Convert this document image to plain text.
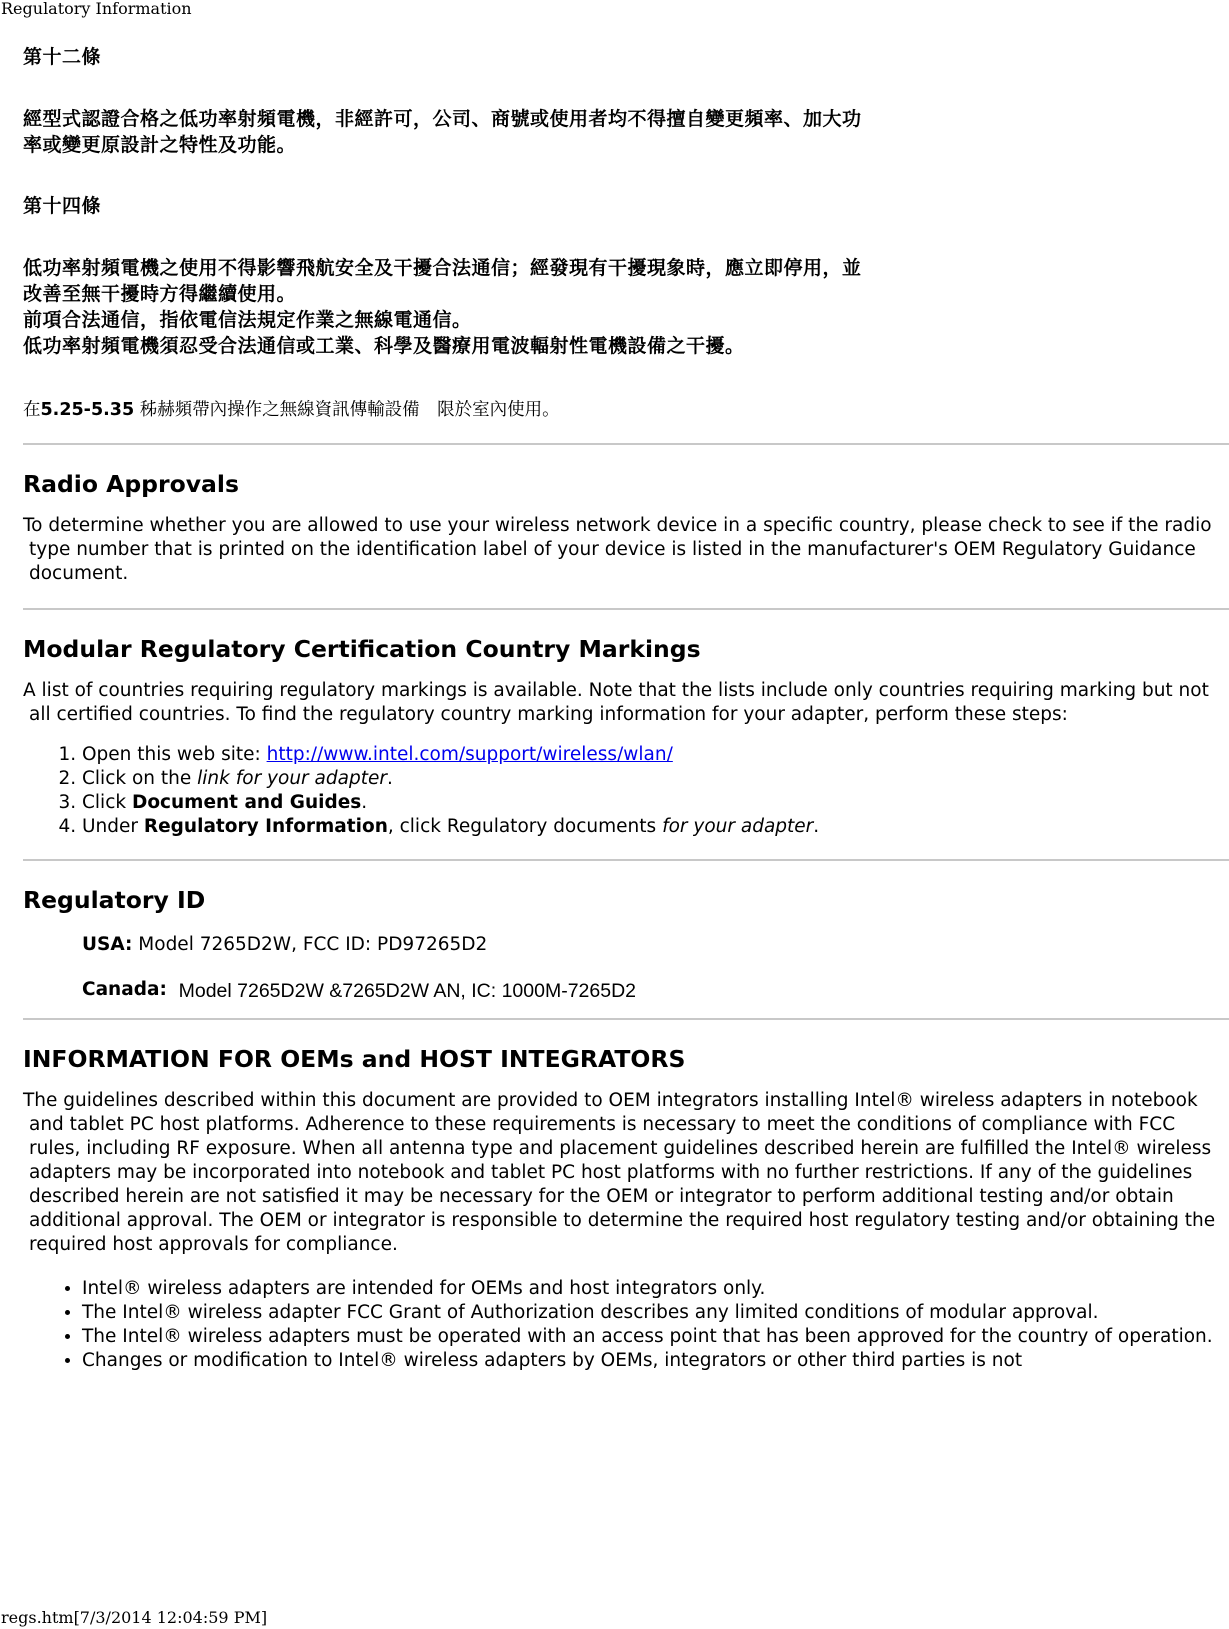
Regulatory Information

第十二條

經型式認證合格之低功率射頻電機，非經許可，公司、商號或使用者均不得擅自變更頻率、加大功

率或變更原設計之特性及功能。

第十四條

低功率射頻電機之使用不得影響飛航安全及干擾合法通信；經發現有干擾現象時，應立即停用，並

改善至無干擾時方得繼續使用。

前項合法通信，指依電信法規定作業之無線電通信。

低功率射頻電機須忍受合法通信或工業、科學及醫療用電波輻射性電機設備之干擾。

在5.25-5.35 秭赫頻帶內操作之無線資訊傳輸設備　限於室內使用。

Radio Approvals

To determine whether you are allowed to use your wireless network device in a specific country, please check to see if the radio type number that is printed on the identification label of your device is listed in the manufacturer's OEM Regulatory Guidance document.

Modular Regulatory Certification Country Markings

A list of countries requiring regulatory markings is available. Note that the lists include only countries requiring marking but not all certified countries. To find the regulatory country marking information for your adapter, perform these steps:

1. Open this web site: http://www.intel.com/support/wireless/wlan/
2. Click on the link for your adapter.
3. Click Document and Guides.
4. Under Regulatory Information, click Regulatory documents for your adapter.
Regulatory ID
USA: Model 7265D2W, FCC ID: PD97265D2
Canada: Model 7265D2W &7265D2W AN, IC: 1000M-7265D2
INFORMATION FOR OEMs and HOST INTEGRATORS

The guidelines described within this document are provided to OEM integrators installing Intel® wireless adapters in notebook and tablet PC host platforms. Adherence to these requirements is necessary to meet the conditions of compliance with FCC rules, including RF exposure. When all antenna type and placement guidelines described herein are fulfilled the Intel® wireless adapters may be incorporated into notebook and tablet PC host platforms with no further restrictions. If any of the guidelines described herein are not satisfied it may be necessary for the OEM or integrator to perform additional testing and/or obtain additional approval. The OEM or integrator is responsible to determine the required host regulatory testing and/or obtaining the required host approvals for compliance.

• Intel® wireless adapters are intended for OEMs and host integrators only.
• The Intel® wireless adapter FCC Grant of Authorization describes any limited conditions of modular approval.
• The Intel® wireless adapters must be operated with an access point that has been approved for the country of operation.
• Changes or modification to Intel® wireless adapters by OEMs, integrators or other third parties is not
regs.htm[7/3/2014 12:04:59 PM]
